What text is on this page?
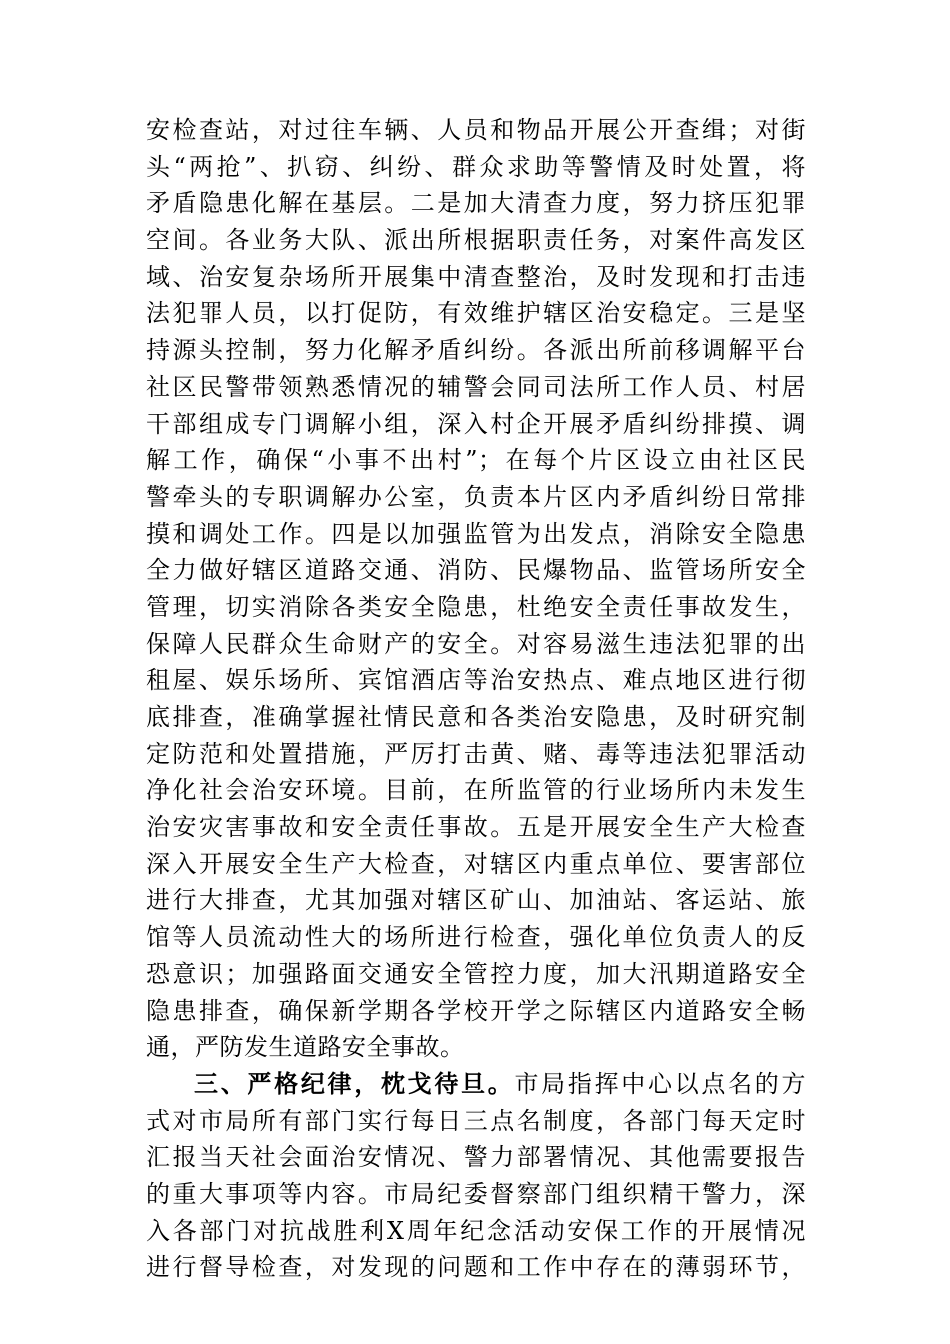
安检查站，对过往车辆、人员和物品开展公开查缉；对街
头“两抢”、扒窃、纠纷、群众求助等警情及时处置，将
矛盾隐患化解在基层。二是加大清查力度，努力挤压犯罪
空间。各业务大队、派出所根据职责任务，对案件高发区
域、治安复杂场所开展集中清查整治，及时发现和打击违
法犯罪人员，以打促防，有效维护辖区治安稳定。三是坚
持源头控制，努力化解矛盾纠纷。各派出所前移调解平台
社区民警带领熟悉情况的辅警会同司法所工作人员、村居
干部组成专门调解小组，深入村企开展矛盾纠纷排摸、调
解工作，确保“小事不出村”；在每个片区设立由社区民
警牵头的专职调解办公室，负责本片区内矛盾纠纷日常排
摸和调处工作。四是以加强监管为出发点，消除安全隐患
全力做好辖区道路交通、消防、民爆物品、监管场所安全
管理，切实消除各类安全隐患，杜绝安全责任事故发生，
保障人民群众生命财产的安全。对容易滋生违法犯罪的出
租屋、娱乐场所、宾馆酒店等治安热点、难点地区进行彻
底排查，准确掌握社情民意和各类治安隐患，及时研究制
定防范和处置措施，严厉打击黄、赌、毒等违法犯罪活动
净化社会治安环境。目前，在所监管的行业场所内未发生
治安灾害事故和安全责任事故。五是开展安全生产大检查
深入开展安全生产大检查，对辖区内重点单位、要害部位
进行大排查，尤其加强对辖区矿山、加油站、客运站、旅
馆等人员流动性大的场所进行检查，强化单位负责人的反
恐意识；加强路面交通安全管控力度，加大汛期道路安全
隐患排查，确保新学期各学校开学之际辖区内道路安全畅
通，严防发生道路安全事故。
三、严格纪律，枕戈待旦。市局指挥中心以点名的方
式对市局所有部门实行每日三点名制度，各部门每天定时
汇报当天社会面治安情况、警力部署情况、其他需要报告
的重大事项等内容。市局纪委督察部门组织精干警力，深
入各部门对抗战胜利X周年纪念活动安保工作的开展情况
进行督导检查，对发现的问题和工作中存在的薄弱环节，
